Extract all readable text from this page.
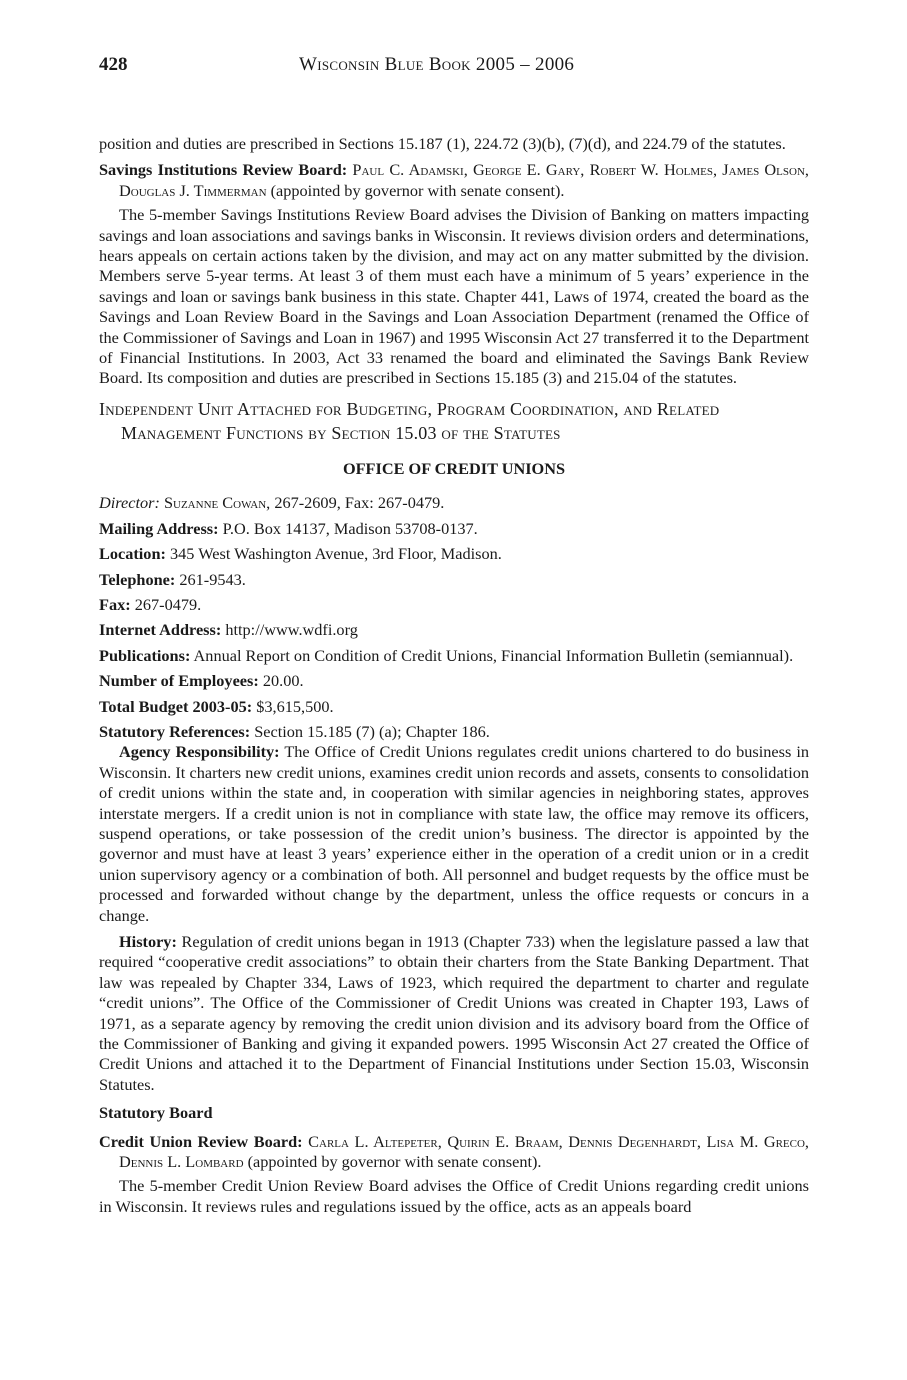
428	Wisconsin Blue Book 2005 – 2006

position and duties are prescribed in Sections 15.187 (1), 224.72 (3)(b), (7)(d), and 224.79 of the statutes.

Savings Institutions Review Board: Paul C. Adamski, George E. Gary, Robert W. Holmes, James Olson, Douglas J. Timmerman (appointed by governor with senate consent).

The 5-member Savings Institutions Review Board advises the Division of Banking on matters impacting savings and loan associations and savings banks in Wisconsin. It reviews division orders and determinations, hears appeals on certain actions taken by the division, and may act on any matter submitted by the division. Members serve 5-year terms. At least 3 of them must each have a minimum of 5 years’ experience in the savings and loan or savings bank business in this state. Chapter 441, Laws of 1974, created the board as the Savings and Loan Review Board in the Savings and Loan Association Department (renamed the Office of the Commissioner of Savings and Loan in 1967) and 1995 Wisconsin Act 27 transferred it to the Department of Financial Institutions. In 2003, Act 33 renamed the board and eliminated the Savings Bank Review Board. Its composition and duties are prescribed in Sections 15.185 (3) and 215.04 of the statutes.

Independent Unit Attached for Budgeting, Program Coordination, and Related Management Functions by Section 15.03 of the Statutes

OFFICE OF CREDIT UNIONS

Director: Suzanne Cowan, 267-2609, Fax: 267-0479.

Mailing Address: P.O. Box 14137, Madison 53708-0137.

Location: 345 West Washington Avenue, 3rd Floor, Madison.

Telephone: 261-9543.

Fax: 267-0479.

Internet Address: http://www.wdfi.org

Publications: Annual Report on Condition of Credit Unions, Financial Information Bulletin (semiannual).

Number of Employees: 20.00.

Total Budget 2003-05: $3,615,500.

Statutory References: Section 15.185 (7) (a); Chapter 186.

Agency Responsibility: The Office of Credit Unions regulates credit unions chartered to do business in Wisconsin. It charters new credit unions, examines credit union records and assets, consents to consolidation of credit unions within the state and, in cooperation with similar agencies in neighboring states, approves interstate mergers. If a credit union is not in compliance with state law, the office may remove its officers, suspend operations, or take possession of the credit union’s business. The director is appointed by the governor and must have at least 3 years’ experience either in the operation of a credit union or in a credit union supervisory agency or a combination of both. All personnel and budget requests by the office must be processed and forwarded without change by the department, unless the office requests or concurs in a change.

History: Regulation of credit unions began in 1913 (Chapter 733) when the legislature passed a law that required “cooperative credit associations” to obtain their charters from the State Banking Department. That law was repealed by Chapter 334, Laws of 1923, which required the department to charter and regulate “credit unions”. The Office of the Commissioner of Credit Unions was created in Chapter 193, Laws of 1971, as a separate agency by removing the credit union division and its advisory board from the Office of the Commissioner of Banking and giving it expanded powers. 1995 Wisconsin Act 27 created the Office of Credit Unions and attached it to the Department of Financial Institutions under Section 15.03, Wisconsin Statutes.

Statutory Board

Credit Union Review Board: Carla L. Altepeter, Quirin E. Braam, Dennis Degenhardt, Lisa M. Greco, Dennis L. Lombard (appointed by governor with senate consent).

The 5-member Credit Union Review Board advises the Office of Credit Unions regarding credit unions in Wisconsin. It reviews rules and regulations issued by the office, acts as an appeals board
